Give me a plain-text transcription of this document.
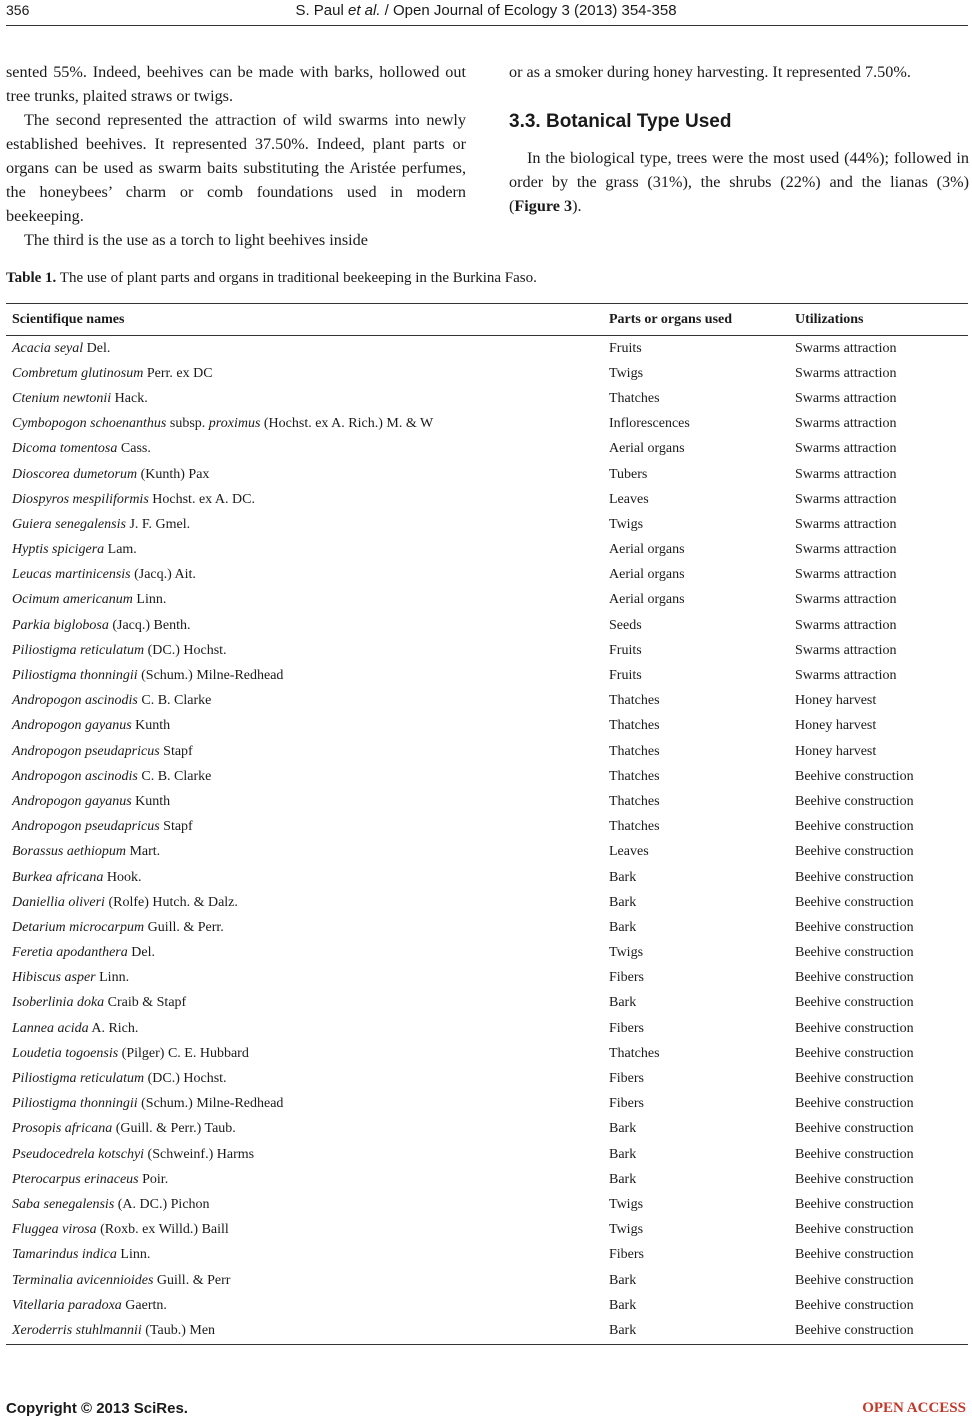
356	S. Paul et al. / Open Journal of Ecology 3 (2013) 354-358

sented 55%. Indeed, beehives can be made with barks, hollowed out tree trunks, plaited straws or twigs.

The second represented the attraction of wild swarms into newly established beehives. It represented 37.50%. Indeed, plant parts or organs can be used as swarm baits substituting the Aristée perfumes, the honeybees’ charm or comb foundations used in modern beekeeping.

The third is the use as a torch to light beehives inside

or as a smoker during honey harvesting. It represented 7.50%.

3.3. Botanical Type Used

In the biological type, trees were the most used (44%); followed in order by the grass (31%), the shrubs (22%) and the lianas (3%) (Figure 3).

Table 1. The use of plant parts and organs in traditional beekeeping in the Burkina Faso.
Scientifique names	Parts or organs used	Utilizations
Acacia seyal Del.	Fruits	Swarms attraction
Combretum glutinosum Perr. ex DC	Twigs	Swarms attraction
Ctenium newtonii Hack.	Thatches	Swarms attraction
Cymbopogon schoenanthus subsp. proximus (Hochst. ex A. Rich.) M. & W	Inflorescences	Swarms attraction
Dicoma tomentosa Cass.	Aerial organs	Swarms attraction
Dioscorea dumetorum (Kunth) Pax	Tubers	Swarms attraction
Diospyros mespiliformis Hochst. ex A. DC.	Leaves	Swarms attraction
Guiera senegalensis J. F. Gmel.	Twigs	Swarms attraction
Hyptis spicigera Lam.	Aerial organs	Swarms attraction
Leucas martinicensis (Jacq.) Ait.	Aerial organs	Swarms attraction
Ocimum americanum Linn.	Aerial organs	Swarms attraction
Parkia biglobosa (Jacq.) Benth.	Seeds	Swarms attraction
Piliostigma reticulatum (DC.) Hochst.	Fruits	Swarms attraction
Piliostigma thonningii (Schum.) Milne-Redhead	Fruits	Swarms attraction
Andropogon ascinodis C. B. Clarke	Thatches	Honey harvest
Andropogon gayanus Kunth	Thatches	Honey harvest
Andropogon pseudapricus Stapf	Thatches	Honey harvest
Andropogon ascinodis C. B. Clarke	Thatches	Beehive construction
Andropogon gayanus Kunth	Thatches	Beehive construction
Andropogon pseudapricus Stapf	Thatches	Beehive construction
Borassus aethiopum Mart.	Leaves	Beehive construction
Burkea africana Hook.	Bark	Beehive construction
Daniellia oliveri (Rolfe) Hutch. & Dalz.	Bark	Beehive construction
Detarium microcarpum Guill. & Perr.	Bark	Beehive construction
Feretia apodanthera Del.	Twigs	Beehive construction
Hibiscus asper Linn.	Fibers	Beehive construction
Isoberlinia doka Craib & Stapf	Bark	Beehive construction
Lannea acida A. Rich.	Fibers	Beehive construction
Loudetia togoensis (Pilger) C. E. Hubbard	Thatches	Beehive construction
Piliostigma reticulatum (DC.) Hochst.	Fibers	Beehive construction
Piliostigma thonningii (Schum.) Milne-Redhead	Fibers	Beehive construction
Prosopis africana (Guill. & Perr.) Taub.	Bark	Beehive construction
Pseudocedrela kotschyi (Schweinf.) Harms	Bark	Beehive construction
Pterocarpus erinaceus Poir.	Bark	Beehive construction
Saba senegalensis (A. DC.) Pichon	Twigs	Beehive construction
Fluggea virosa (Roxb. ex Willd.) Baill	Twigs	Beehive construction
Tamarindus indica Linn.	Fibers	Beehive construction
Terminalia avicennioides Guill. & Perr	Bark	Beehive construction
Vitellaria paradoxa Gaertn.	Bark	Beehive construction
Xeroderris stuhlmannii (Taub.) Men	Bark	Beehive construction
Copyright © 2013 SciRes.	OPEN ACCESS
